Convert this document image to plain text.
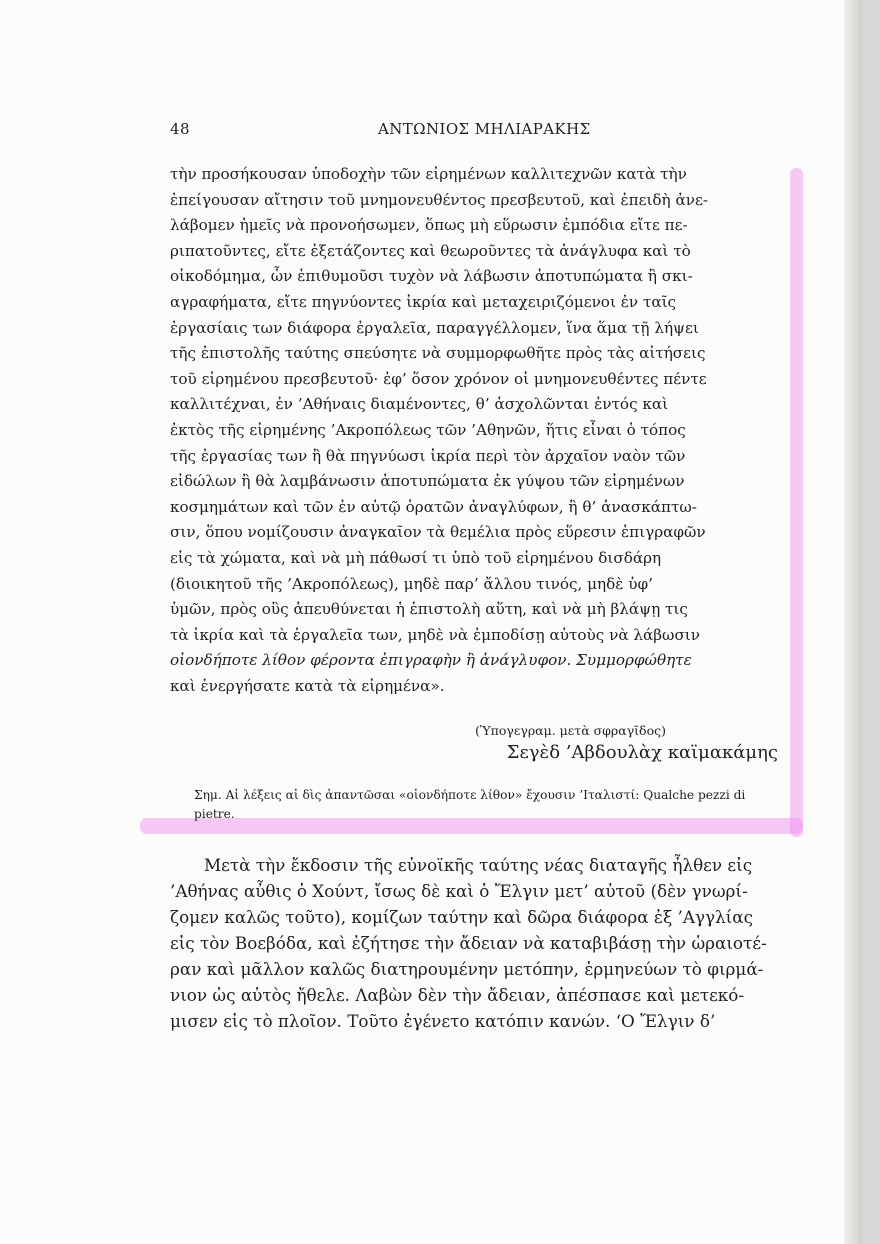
48	ΑΝΤΩΝΙΟΣ ΜΗΛΙΑΡΑΚΗΣ
τὴν προσήκουσαν ὑποδοχὴν τῶν εἰρημένων καλλιτεχνῶν κατὰ τὴν
ἐπείγουσαν αἴτησιν τοῦ μνημονευθέντος πρεσβευτοῦ, καὶ ἐπειδὴ ἀνε-
λάβομεν ἡμεῖς νὰ προνοήσωμεν, ὅπως μὴ εὕρωσιν ἐμπόδια εἴτε πε-
ριπατοῦντες, εἴτε ἐξετάζοντες καὶ θεωροῦντες τὰ ἀνάγλυφα καὶ τὸ
οἰκοδόμημα, ὧν ἐπιθυμοῦσι τυχὸν νὰ λάβωσιν ἀποτυπώματα ἢ σκι-
αγραφήματα, εἴτε πηγνύοντες ἰκρία καὶ μεταχειριζόμενοι ἐν ταῖς
ἐργασίαις των διάφορα ἐργαλεῖα, παραγγέλλομεν, ἵνα ἅμα τῇ λήψει
τῆς ἐπιστολῆς ταύτης σπεύσητε νὰ συμμορφωθῆτε πρὸς τὰς αἰτήσεις
τοῦ εἰρημένου πρεσβευτοῦ· ἐφ’ ὅσον χρόνον οἱ μνημονευθέντες πέντε
καλλιτέχναι, ἐν ’Αθήναις διαμένοντες, θ’ ἀσχολῶνται ἐντός καὶ
ἐκτὸς τῆς εἰρημένης ’Ακροπόλεως τῶν ’Αθηνῶν, ἥτις εἶναι ὁ τόπος
τῆς ἐργασίας των ἢ θὰ πηγνύωσι ἰκρία περὶ τὸν ἀρχαῖον ναὸν τῶν
εἰδώλων ἢ θὰ λαμβάνωσιν ἀποτυπώματα ἐκ γύψου τῶν εἰρημένων
κοσμημάτων καὶ τῶν ἐν αὐτῷ ὁρατῶν ἀναγλύφων, ἢ θ’ ἀνασκάπτω-
σιν, ὅπου νομίζουσιν ἀναγκαῖον τὰ θεμέλια πρὸς εὕρεσιν ἐπιγραφῶν
εἰς τὰ χώματα, καὶ νὰ μὴ πάθωσί τι ὑπὸ τοῦ εἰρημένου δισδάρη
(διοικητοῦ τῆς ’Ακροπόλεως), μηδὲ παρ’ ἄλλου τινός, μηδὲ ὑφ’
ὑμῶν, πρὸς οὓς ἀπευθύνεται ἡ ἐπιστολὴ αὕτη, καὶ νὰ μὴ βλάψῃ τις
τὰ ἰκρία καὶ τὰ ἐργαλεῖα των, μηδὲ νὰ ἐμποδίσῃ αὐτοὺς νὰ λάβωσιν
οἱονδήποτε λίθον φέροντα ἐπιγραφὴν ἢ ἀνάγλυφον. Συμμορφώθητε
καὶ ἐνεργήσατε κατὰ τὰ εἰρημένα».
(Ὑπογεγραμ. μετὰ σφραγῖδος)
Σεγὲδ ’Αβδουλὰχ καϊμακάμης
Σημ. Αἱ λέξεις αἱ δὶς ἀπαντῶσαι «οἱονδήποτε λίθον» ἔχουσιν ’Ιταλιστί: Qualche pezzi di
pietre.
Μετὰ τὴν ἔκδοσιν τῆς εὐνοϊκῆς ταύτης νέας διαταγῆς ἦλθεν εἰς
’Αθήνας αὖθις ὁ Χούντ, ἴσως δὲ καὶ ὁ Ἔλγιν μετ’ αὐτοῦ (δὲν γνωρί-
ζομεν καλῶς τοῦτο), κομίζων ταύτην καὶ δῶρα διάφορα ἐξ ’Αγγλίας
εἰς τὸν Βοεβόδα, καὶ ἐζήτησε τὴν ἄδειαν νὰ καταβιβάσῃ τὴν ὡραιοτέ-
ραν καὶ μᾶλλον καλῶς διατηρουμένην μετόπην, ἑρμηνεύων τὸ φιρμά-
νιον ὡς αὐτὸς ἤθελε. Λαβὼν δὲν τὴν ἄδειαν, ἀπέσπασε καὶ μετεκό-
μισεν εἰς τὸ πλοῖον. Τοῦτο ἐγένετο κατόπιν κανών. ‘Ο Ἔλγιν δ’
